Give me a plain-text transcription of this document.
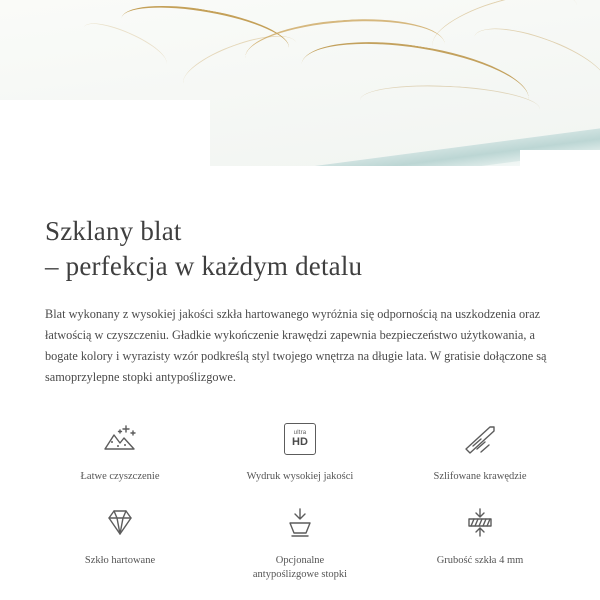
Szklany blat
– perfekcja w każdym detalu

Blat wykonany z wysokiej jakości szkła hartowanego wyróżnia się odpornością na uszkodzenia oraz łatwością w czyszczeniu. Gładkie wykończenie krawędzi zapewnia bezpieczeństwo użytkowania, a bogate kolory i wyrazisty wzór podkreślą styl twojego wnętrza na długie lata. W gratisie dołączone są samoprzylepne stopki antypoślizgowe.

Łatwe czyszczenie
ultra
HD
Wydruk wysokiej jakości	Szlifowane krawędzie
Szkło hartowane	Opcjonalne
antypoślizgowe stopki
Grubość szkła 4 mm
